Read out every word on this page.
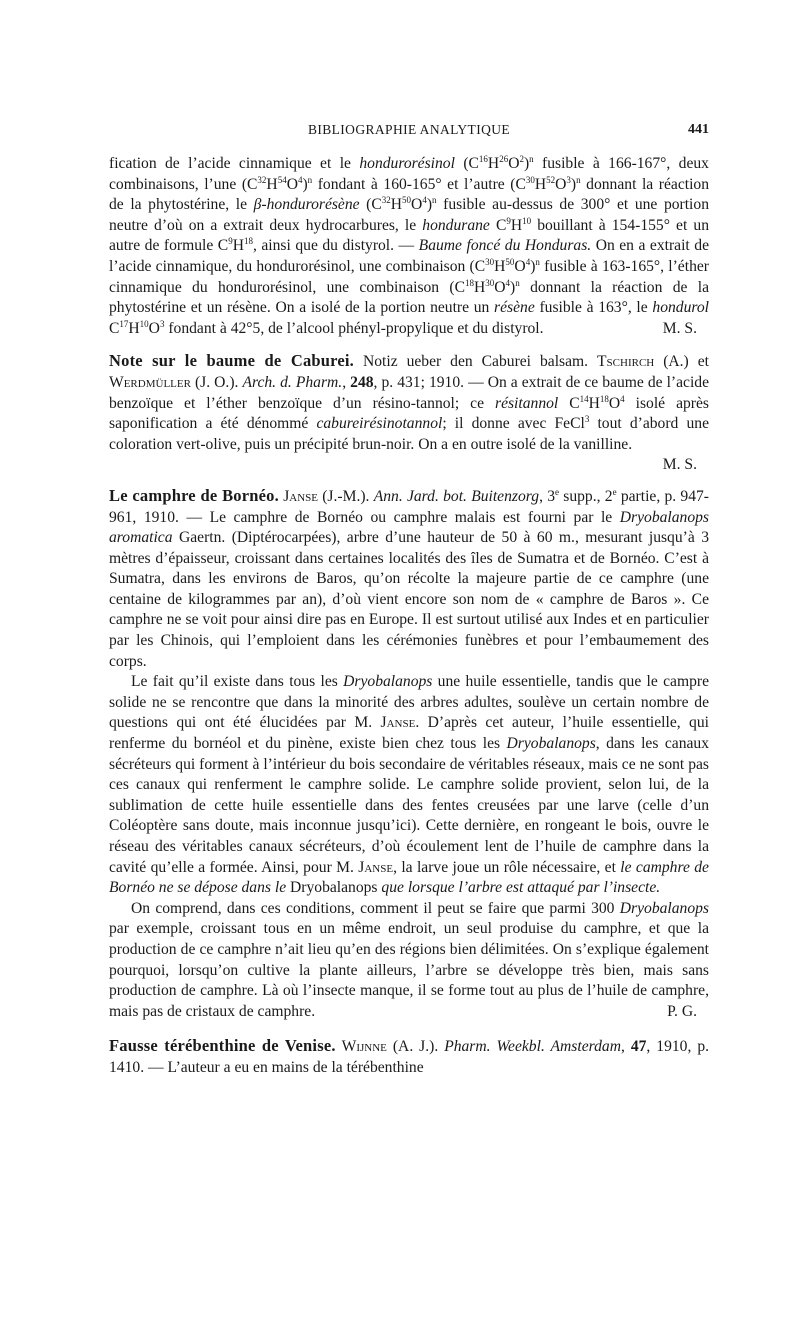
BIBLIOGRAPHIE ANALYTIQUE	441

fication de l’acide cinnamique et le hondurorésinol $(C^{16}H^{26}O^2)^n$ fusible à 166-167°, deux combinaisons, l’une $(C^{32}H^{54}O^4)^n$ fondant à 160-165° et l’autre $(C^{30}H^{52}O^3)^n$ donnant la réaction de la phytostérine, le β-hondurorésène $(C^{32}H^{50}O^4)^n$ fusible au-dessus de 300° et une portion neutre d’où on a extrait deux hydrocarbures, le hondurane $C^9H^{10}$ bouillant à 154-155° et un autre de formule $C^9H^{18}$, ainsi que du distyrol. — Baume foncé du Honduras. On en a extrait de l’acide cinnamique, du hondurorésinol, une combinaison $(C^{30}H^{50}O^4)^n$ fusible à 163-165°, l’éther cinnamique du hondurorésinol, une combinaison $(C^{18}H^{30}O^4)^n$ donnant la réaction de la phytostérine et un résène. On a isolé de la portion neutre un résène fusible à 163°, le hondurol $C^{17}H^{10}O^3$ fondant à 42°5, de l’alcool phényl-propylique et du distyrol.	M. S.

Note sur le baume de Caburei. Notiz ueber den Caburei balsam. Tschirch (A.) et Werdmüller (J. O.). Arch. d. Pharm., 248, p. 431; 1910. — On a extrait de ce baume de l’acide benzoïque et l’éther benzoïque d’un résino-tannol; ce résitannol $C^{14}H^{18}O^4$ isolé après saponification a été dénommé cabureirésinotannol; il donne avec FeCl$^3$ tout d’abord une coloration vert-olive, puis un précipité brun-noir. On a en outre isolé de la vanilline.

M. S.

Le camphre de Bornéo. Janse (J.-M.). Ann. Jard. bot. Buitenzorg, 3e supp., 2e partie, p. 947-961, 1910. — Le camphre de Bornéo ou camphre malais est fourni par le Dryobalanops aromatica Gaertn. (Diptérocarpées), arbre d’une hauteur de 50 à 60 m., mesurant jusqu’à 3 mètres d’épaisseur, croissant dans certaines localités des îles de Sumatra et de Bornéo. C’est à Sumatra, dans les environs de Baros, qu’on récolte la majeure partie de ce camphre (une centaine de kilogrammes par an), d’où vient encore son nom de « camphre de Baros ». Ce camphre ne se voit pour ainsi dire pas en Europe. Il est surtout utilisé aux Indes et en particulier par les Chinois, qui l’emploient dans les cérémonies funèbres et pour l’embaumement des corps.

Le fait qu’il existe dans tous les Dryobalanops une huile essentielle, tandis que le campre solide ne se rencontre que dans la minorité des arbres adultes, soulève un certain nombre de questions qui ont été élucidées par M. Janse. D’après cet auteur, l’huile essentielle, qui renferme du bornéol et du pinène, existe bien chez tous les Dryobalanops, dans les canaux sécréteurs qui forment à l’intérieur du bois secondaire de véritables réseaux, mais ce ne sont pas ces canaux qui renferment le camphre solide. Le camphre solide provient, selon lui, de la sublimation de cette huile essentielle dans des fentes creusées par une larve (celle d’un Coléoptère sans doute, mais inconnue jusqu’ici). Cette dernière, en rongeant le bois, ouvre le réseau des véritables canaux sécréteurs, d’où écoulement lent de l’huile de camphre dans la cavité qu’elle a formée. Ainsi, pour M. Janse, la larve joue un rôle nécessaire, et le camphre de Bornéo ne se dépose dans le Dryobalanops que lorsque l’arbre est attaqué par l’insecte.

On comprend, dans ces conditions, comment il peut se faire que parmi 300 Dryobalanops par exemple, croissant tous en un même endroit, un seul produise du camphre, et que la production de ce camphre n’ait lieu qu’en des régions bien délimitées. On s’explique également pourquoi, lorsqu’on cultive la plante ailleurs, l’arbre se développe très bien, mais sans production de camphre. Là où l’insecte manque, il se forme tout au plus de l’huile de camphre, mais pas de cristaux de camphre.	P. G.

Fausse térébenthine de Venise. Wijnne (A. J.). Pharm. Weekbl. Amsterdam, 47, 1910, p. 1410. — L’auteur a eu en mains de la térébenthine
